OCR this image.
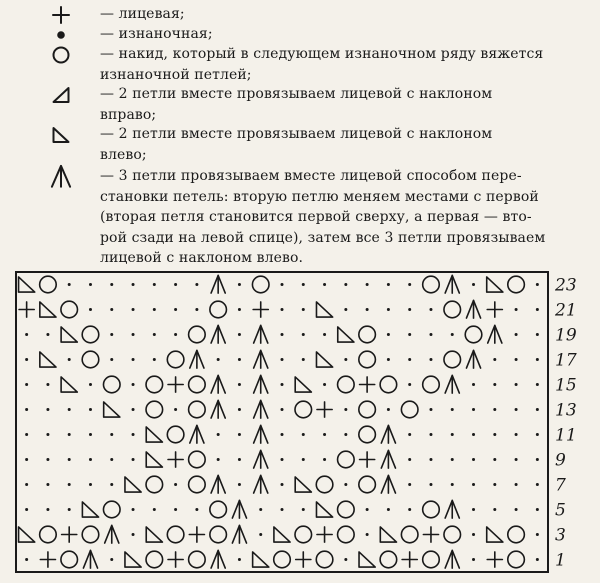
— лицевая;
— изнаночная;
— накид, который в следующем изнаночном ряду вяжется
изнаночной петлей;
— 2 петли вместе провязываем лицевой с наклоном
вправо;
— 2 петли вместе провязываем лицевой с наклоном
влево;
— 3 петли провязываем вместе лицевой способом пере-
становки петель: вторую петлю меняем местами с первой
(вторая петля становится первой сверху, а первая — вто-
рой сзади на левой спице), затем все 3 петли провязываем
лицевой с наклоном влево.
23
21
19
17
15
13
11
9
7
5
3
1
